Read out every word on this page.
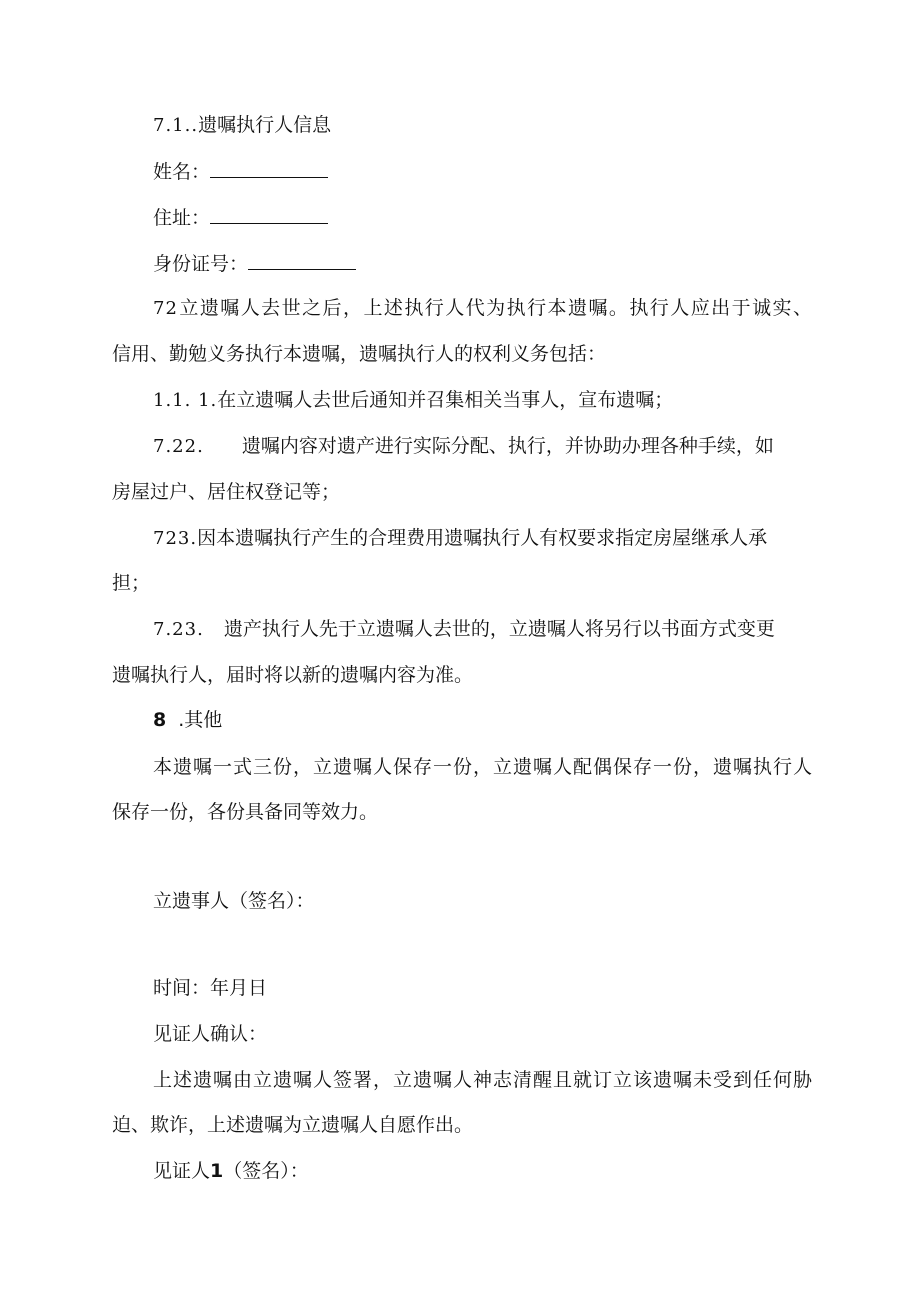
7.1..遗嘱执行人信息
姓名：
住址：
身份证号：
72立遗嘱人去世之后，上述执行人代为执行本遗嘱。执行人应出于诚实、
信用、勤勉义务执行本遗嘱，遗嘱执行人的权利义务包括：
1.1. 1.在立遗嘱人去世后通知并召集相关当事人，宣布遗嘱；
7.22. 遗嘱内容对遗产进行实际分配、执行，并协助办理各种手续，如
房屋过户、居住权登记等；
723.因本遗嘱执行产生的合理费用遗嘱执行人有权要求指定房屋继承人承
担；
7.23. 遗产执行人先于立遗嘱人去世的，立遗嘱人将另行以书面方式变更
遗嘱执行人，届时将以新的遗嘱内容为准。
8 .其他
本遗嘱一式三份，立遗嘱人保存一份，立遗嘱人配偶保存一份，遗嘱执行人
保存一份，各份具备同等效力。
立遗事人（签名）：
时间：年月日
见证人确认：
上述遗嘱由立遗嘱人签署，立遗嘱人神志清醒且就订立该遗嘱未受到任何胁
迫、欺诈，上述遗嘱为立遗嘱人自愿作出。
见证人1（签名）：
